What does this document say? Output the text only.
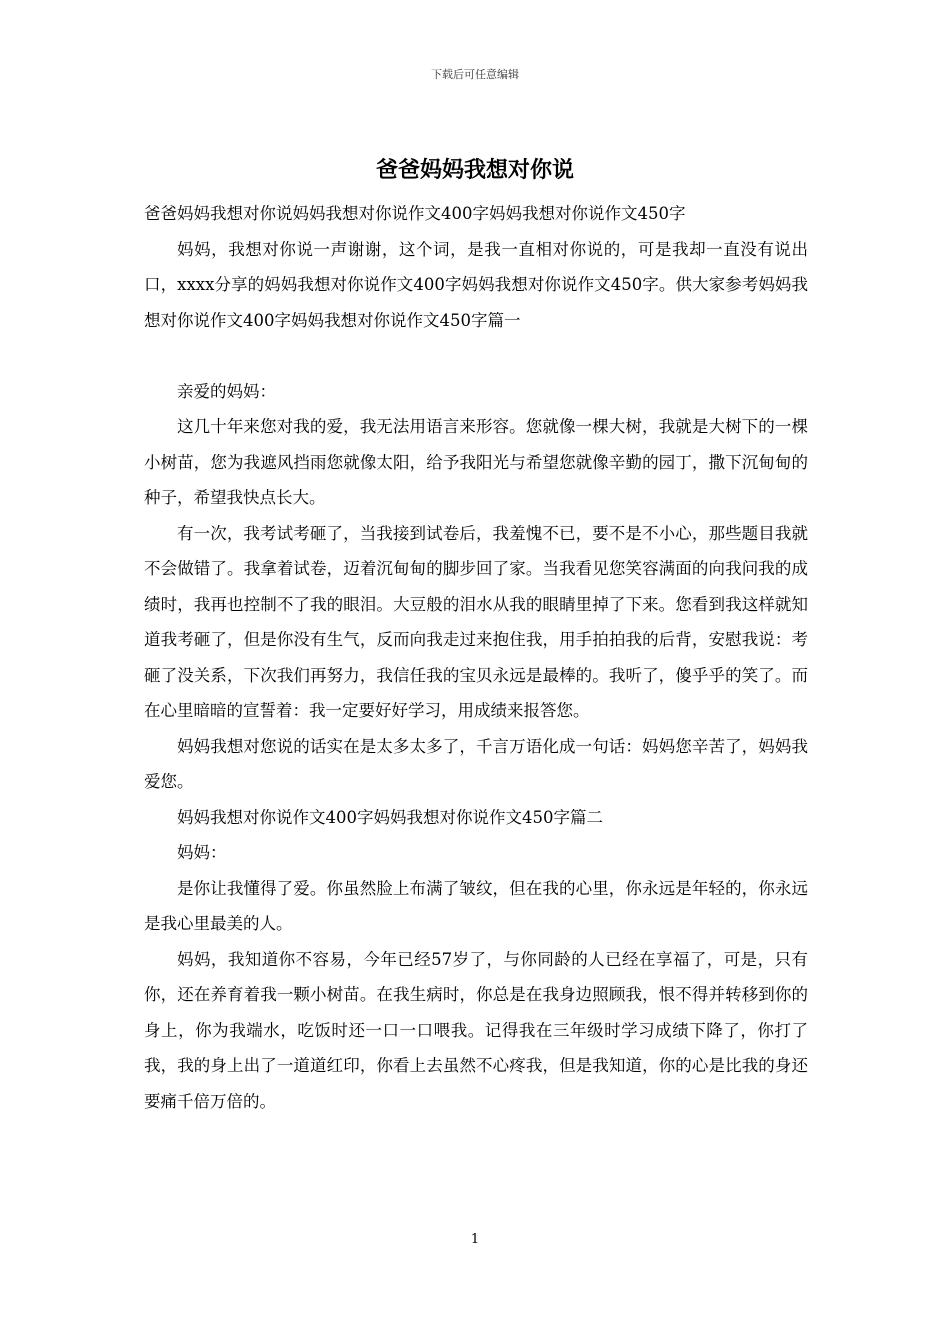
下载后可任意编辑
爸爸妈妈我想对你说

爸爸妈妈我想对你说妈妈我想对你说作文400字妈妈我想对你说作文450字

妈妈，我想对你说一声谢谢，这个词，是我一直相对你说的，可是我却一直没有说出口，xxxx分享的妈妈我想对你说作文400字妈妈我想对你说作文450字。供大家参考妈妈我想对你说作文400字妈妈我想对你说作文450字篇一

亲爱的妈妈：

这几十年来您对我的爱，我无法用语言来形容。您就像一棵大树，我就是大树下的一棵小树苗，您为我遮风挡雨您就像太阳，给予我阳光与希望您就像辛勤的园丁，撒下沉甸甸的种子，希望我快点长大。

有一次，我考试考砸了，当我接到试卷后，我羞愧不已，要不是不小心，那些题目我就不会做错了。我拿着试卷，迈着沉甸甸的脚步回了家。当我看见您笑容满面的向我问我的成绩时，我再也控制不了我的眼泪。大豆般的泪水从我的眼睛里掉了下来。您看到我这样就知道我考砸了，但是你没有生气，反而向我走过来抱住我，用手拍拍我的后背，安慰我说：考砸了没关系，下次我们再努力，我信任我的宝贝永远是最棒的。我听了，傻乎乎的笑了。而在心里暗暗的宣誓着：我一定要好好学习，用成绩来报答您。

妈妈我想对您说的话实在是太多太多了，千言万语化成一句话：妈妈您辛苦了，妈妈我爱您。

妈妈我想对你说作文400字妈妈我想对你说作文450字篇二

妈妈：

是你让我懂得了爱。你虽然脸上布满了皱纹，但在我的心里，你永远是年轻的，你永远是我心里最美的人。

妈妈，我知道你不容易，今年已经57岁了，与你同龄的人已经在享福了，可是，只有你，还在养育着我一颗小树苗。在我生病时，你总是在我身边照顾我，恨不得并转移到你的身上，你为我端水，吃饭时还一口一口喂我。记得我在三年级时学习成绩下降了，你打了我，我的身上出了一道道红印，你看上去虽然不心疼我，但是我知道，你的心是比我的身还要痛千倍万倍的。

1
